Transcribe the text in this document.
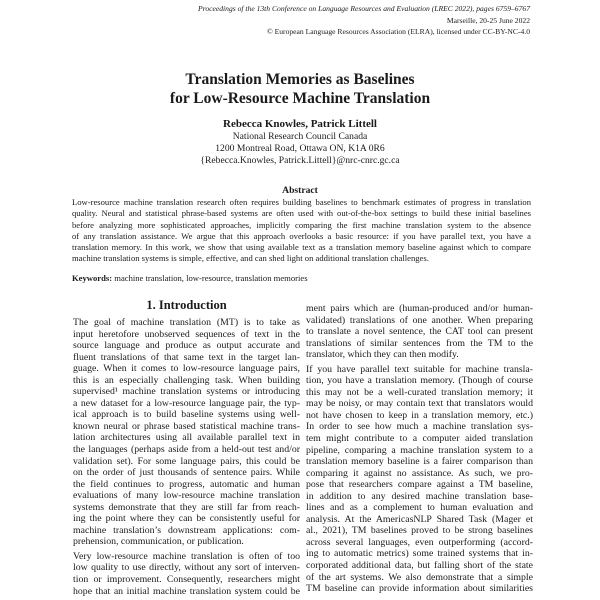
Proceedings of the 13th Conference on Language Resources and Evaluation (LREC 2022), pages 6759–6767
Marseille, 20-25 June 2022
© European Language Resources Association (ELRA), licensed under CC-BY-NC-4.0
Translation Memories as Baselines
for Low-Resource Machine Translation
Rebecca Knowles, Patrick Littell
National Research Council Canada
1200 Montreal Road, Ottawa ON, K1A 0R6
{Rebecca.Knowles, Patrick.Littell}@nrc-cnrc.gc.ca
Abstract
Low-resource machine translation research often requires building baselines to benchmark estimates of progress in translation
quality. Neural and statistical phrase-based systems are often used with out-of-the-box settings to build these initial baselines
before analyzing more sophisticated approaches, implicitly comparing the first machine translation system to the absence
of any translation assistance. We argue that this approach overlooks a basic resource: if you have parallel text, you have a
translation memory. In this work, we show that using available text as a translation memory baseline against which to compare
machine translation systems is simple, effective, and can shed light on additional translation challenges.
Keywords: machine translation, low-resource, translation memories
1. Introduction
The goal of machine translation (MT) is to take as
input heretofore unobserved sequences of text in the
source language and produce as output accurate and
fluent translations of that same text in the target lan-
guage. When it comes to low-resource language pairs,
this is an especially challenging task. When building
supervised¹ machine translation systems or introducing
a new dataset for a low-resource language pair, the typ-
ical approach is to build baseline systems using well-
known neural or phrase based statistical machine trans-
lation architectures using all available parallel text in
the languages (perhaps aside from a held-out test and/or
validation set). For some language pairs, this could be
on the order of just thousands of sentence pairs. While
the field continues to progress, automatic and human
evaluations of many low-resource machine translation
systems demonstrate that they are still far from reach-
ing the point where they can be consistently useful for
machine translation’s downstream applications: com-
prehension, communication, or publication.
Very low-resource machine translation is often of too
low quality to use directly, without any sort of interven-
tion or improvement. Consequently, researchers might
hope that an initial machine translation system could be
ment pairs which are (human-produced and/or human-
validated) translations of one another. When preparing
to translate a novel sentence, the CAT tool can present
translations of similar sentences from the TM to the
translator, which they can then modify.
If you have parallel text suitable for machine transla-
tion, you have a translation memory. (Though of course
this may not be a well-curated translation memory; it
may be noisy, or may contain text that translators would
not have chosen to keep in a translation memory, etc.)
In order to see how much a machine translation sys-
tem might contribute to a computer aided translation
pipeline, comparing a machine translation system to a
translation memory baseline is a fairer comparison than
comparing it against no assistance. As such, we pro-
pose that researchers compare against a TM baseline,
in addition to any desired machine translation base-
lines and as a complement to human evaluation and
analysis. At the AmericasNLP Shared Task (Mager et
al., 2021), TM baselines proved to be strong baselines
across several languages, even outperforming (accord-
ing to automatic metrics) some trained systems that in-
corporated additional data, but falling short of the state
of the art systems. We also demonstrate that a simple
TM baseline can provide information about similarities
